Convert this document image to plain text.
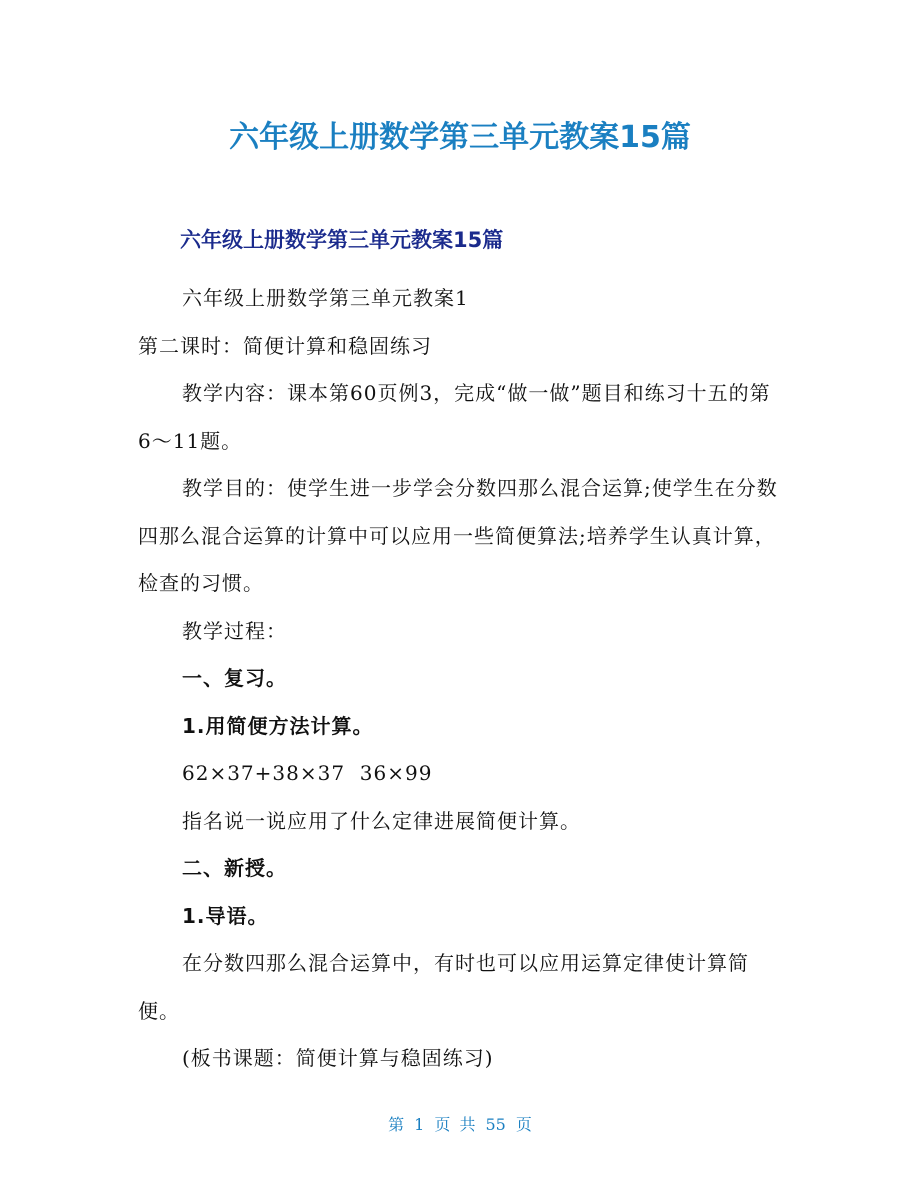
六年级上册数学第三单元教案15篇
六年级上册数学第三单元教案15篇

六年级上册数学第三单元教案1

第二课时：简便计算和稳固练习

教学内容：课本第60页例3，完成“做一做”题目和练习十五的第6～11题。

教学目的：使学生进一步学会分数四那么混合运算;使学生在分数四那么混合运算的计算中可以应用一些简便算法;培养学生认真计算，检查的习惯。

教学过程：

一、复习。

1.用简便方法计算。

62×37+38×37  36×99

指名说一说应用了什么定律进展简便计算。

二、新授。

1.导语。

在分数四那么混合运算中，有时也可以应用运算定律使计算简便。

(板书课题：简便计算与稳固练习)

第 1 页 共 55 页
